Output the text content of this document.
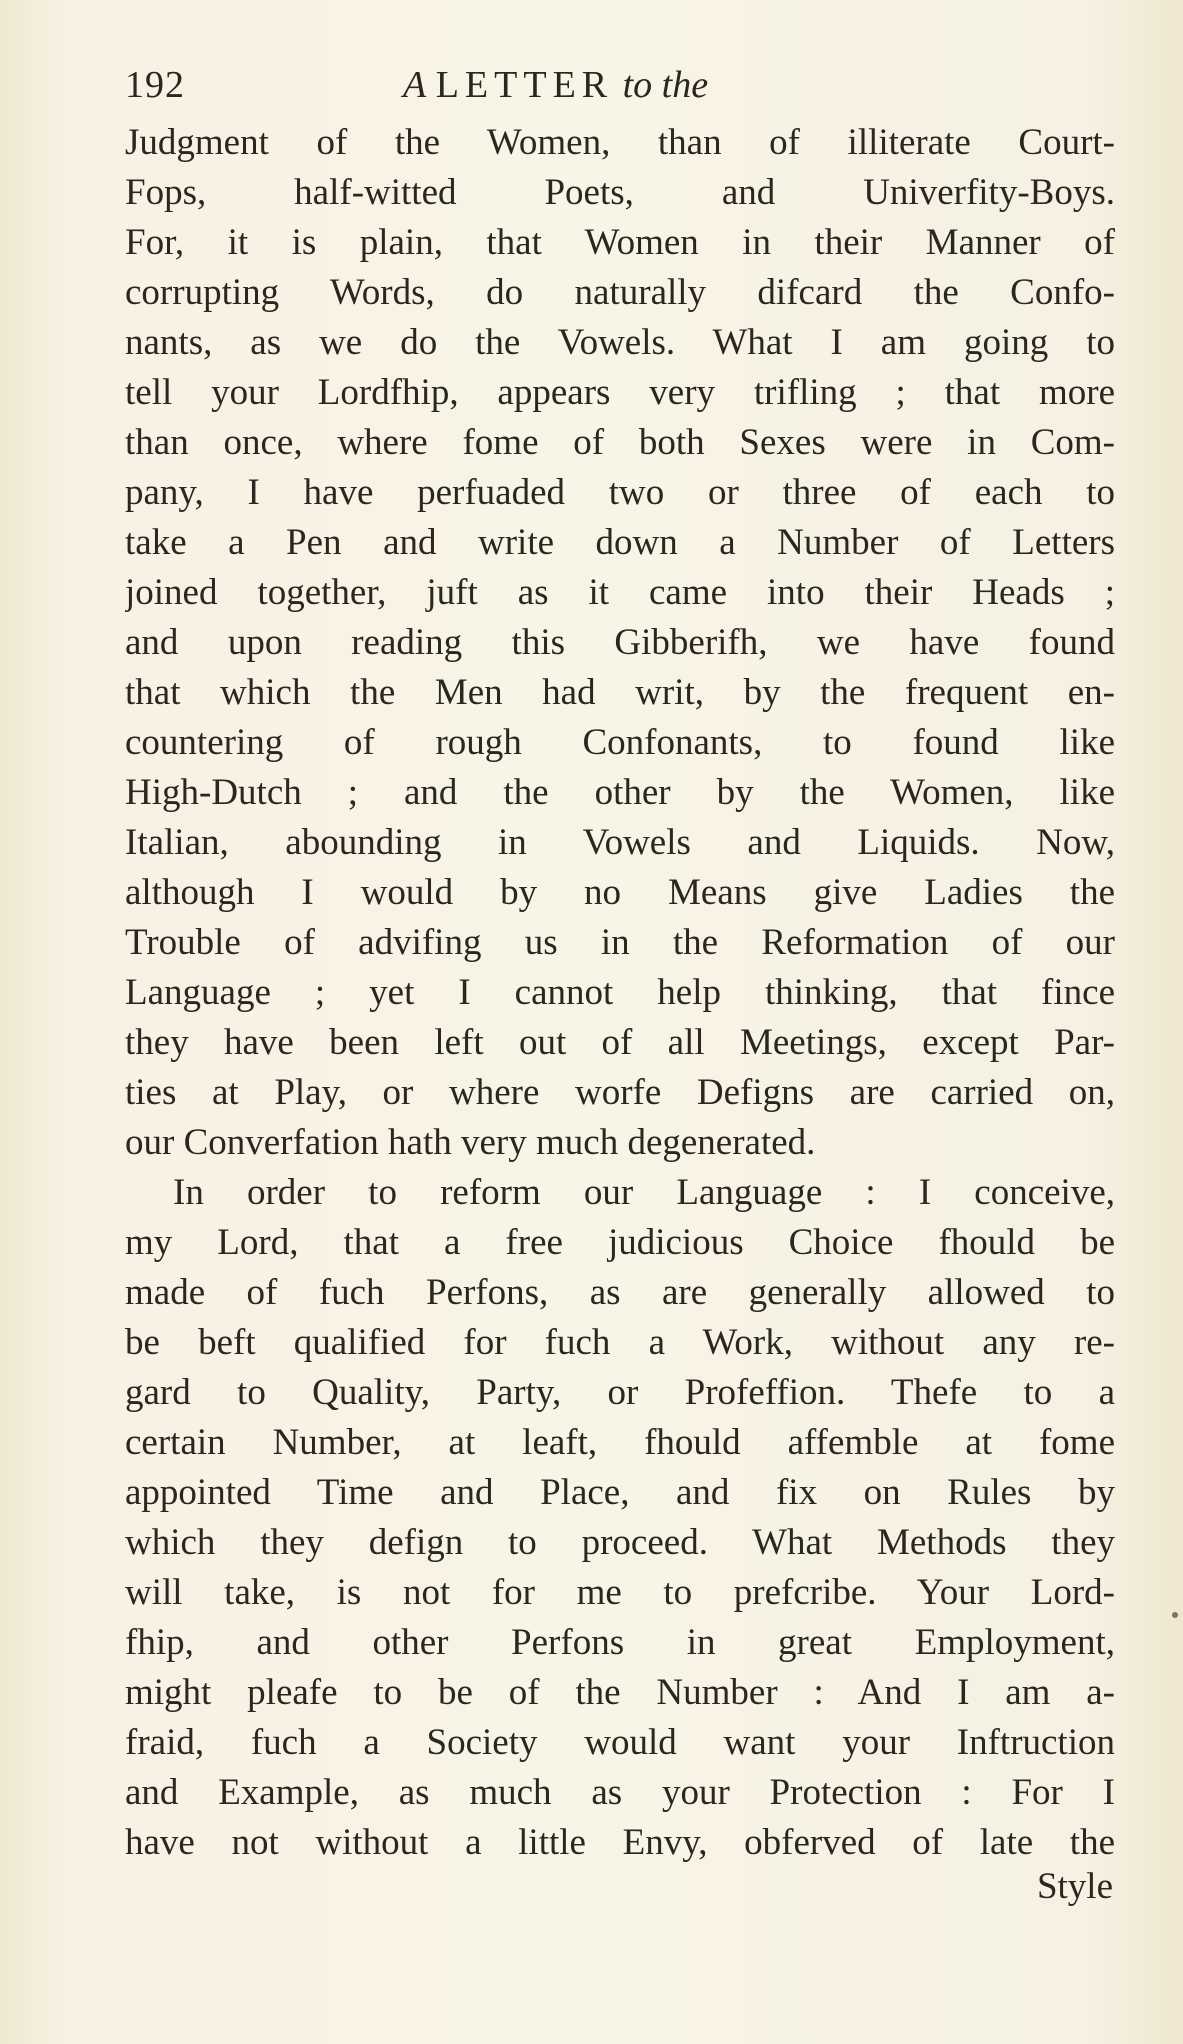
192	A LETTER to the
Judgment of the Women, than of illiterate Court-
Fops, half-witted Poets, and Univerfity-Boys.
For, it is plain, that Women in their Manner of
corrupting Words, do naturally difcard the Confo-
nants, as we do the Vowels. What I am going to
tell your Lordfhip, appears very trifling ; that more
than once, where fome of both Sexes were in Com-
pany, I have perfuaded two or three of each to
take a Pen and write down a Number of Letters
joined together, juft as it came into their Heads ;
and upon reading this Gibberifh, we have found
that which the Men had writ, by the frequent en-
countering of rough Confonants, to found like
High-Dutch ; and the other by the Women, like
Italian, abounding in Vowels and Liquids. Now,
although I would by no Means give Ladies the
Trouble of advifing us in the Reformation of our
Language ; yet I cannot help thinking, that fince
they have been left out of all Meetings, except Par-
ties at Play, or where worfe Defigns are carried on,
our Converfation hath very much degenerated.
In order to reform our Language : I conceive,
my Lord, that a free judicious Choice fhould be
made of fuch Perfons, as are generally allowed to
be beft qualified for fuch a Work, without any re-
gard to Quality, Party, or Profeffion. Thefe to a
certain Number, at leaft, fhould affemble at fome
appointed Time and Place, and fix on Rules by
which they defign to proceed. What Methods they
will take, is not for me to prefcribe. Your Lord-
fhip, and other Perfons in great Employment,
might pleafe to be of the Number : And I am a-
fraid, fuch a Society would want your Inftruction
and Example, as much as your Protection : For I
have not without a little Envy, obferved of late the
Style
